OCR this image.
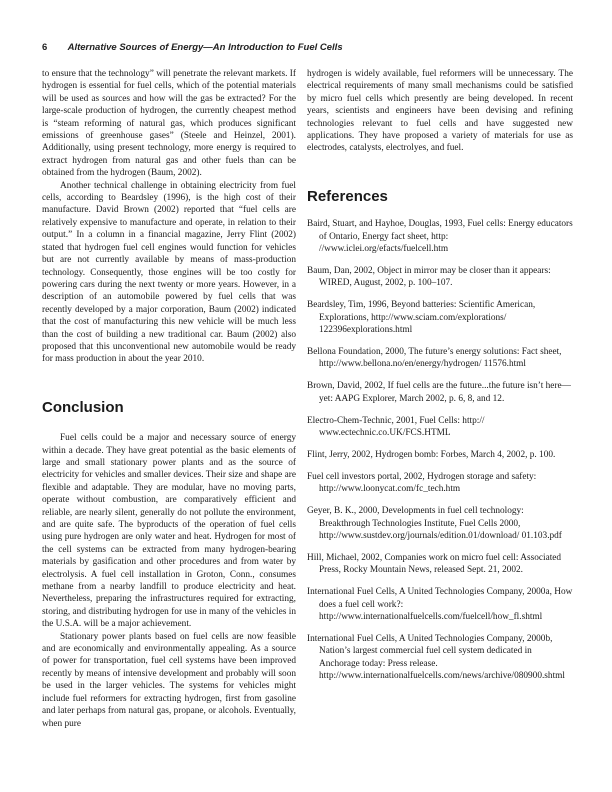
6 Alternative Sources of Energy—An Introduction to Fuel Cells

to ensure that the technology” will penetrate the relevant markets. If hydrogen is essential for fuel cells, which of the potential materials will be used as sources and how will the gas be extracted? For the large-scale production of hydrogen, the currently cheapest method is “steam reforming of natural gas, which produces significant emissions of greenhouse gases” (Steele and Heinzel, 2001). Additionally, using present technology, more energy is required to extract hydrogen from natural gas and other fuels than can be obtained from the hydrogen (Baum, 2002).

Another technical challenge in obtaining electricity from fuel cells, according to Beardsley (1996), is the high cost of their manufacture. David Brown (2002) reported that “fuel cells are relatively expensive to manufacture and operate, in relation to their output.” In a column in a financial magazine, Jerry Flint (2002) stated that hydrogen fuel cell engines would function for vehicles but are not currently available by means of mass-production technology. Consequently, those engines will be too costly for powering cars during the next twenty or more years. However, in a description of an automobile powered by fuel cells that was recently developed by a major corporation, Baum (2002) indicated that the cost of manufacturing this new vehicle will be much less than the cost of building a new traditional car. Baum (2002) also proposed that this unconventional new automobile would be ready for mass production in about the year 2010.

Conclusion

Fuel cells could be a major and necessary source of energy within a decade. They have great potential as the basic elements of large and small stationary power plants and as the source of electricity for vehicles and smaller devices. Their size and shape are flexible and adaptable. They are modular, have no moving parts, operate without combustion, are comparatively efficient and reliable, are nearly silent, generally do not pollute the environment, and are quite safe. The byproducts of the operation of fuel cells using pure hydrogen are only water and heat. Hydrogen for most of the cell systems can be extracted from many hydrogen-bearing materials by gasification and other procedures and from water by electrolysis. A fuel cell installation in Groton, Conn., consumes methane from a nearby landfill to produce electricity and heat. Nevertheless, preparing the infrastructures required for extracting, storing, and distributing hydrogen for use in many of the vehicles in the U.S.A. will be a major achievement.

Stationary power plants based on fuel cells are now feasible and are economically and environmentally appealing. As a source of power for transportation, fuel cell systems have been improved recently by means of intensive development and probably will soon be used in the larger vehicles. The systems for vehicles might include fuel reformers for extracting hydrogen, first from gasoline and later perhaps from natural gas, propane, or alcohols. Eventually, when pure

hydrogen is widely available, fuel reformers will be unnecessary. The electrical requirements of many small mechanisms could be satisfied by micro fuel cells which presently are being developed. In recent years, scientists and engineers have been devising and refining technologies relevant to fuel cells and have suggested new applications. They have proposed a variety of materials for use as electrodes, catalysts, electrolyes, and fuel.

References

Baird, Stuart, and Hayhoe, Douglas, 1993, Fuel cells: Energy educators of Ontario, Energy fact sheet, http: //www.iclei.org/efacts/fuelcell.htm

Baum, Dan, 2002, Object in mirror may be closer than it appears: WIRED, August, 2002, p. 100–107.

Beardsley, Tim, 1996, Beyond batteries: Scientific American, Explorations, http://www.sciam.com/explorations/ 122396explorations.html

Bellona Foundation, 2000, The future’s energy solutions: Fact sheet, http://www.bellona.no/en/energy/hydrogen/ 11576.html

Brown, David, 2002, If fuel cells are the future...the future isn’t here—yet: AAPG Explorer, March 2002, p. 6, 8, and 12.

Electro-Chem-Technic, 2001, Fuel Cells: http:// www.ectechnic.co.UK/FCS.HTML

Flint, Jerry, 2002, Hydrogen bomb: Forbes, March 4, 2002, p. 100.

Fuel cell investors portal, 2002, Hydrogen storage and safety: http://www.loonycat.com/fc_tech.htm

Geyer, B. K., 2000, Developments in fuel cell technology: Breakthrough Technologies Institute, Fuel Cells 2000, http://www.sustdev.org/journals/edition.01/download/ 01.103.pdf

Hill, Michael, 2002, Companies work on micro fuel cell: Associated Press, Rocky Mountain News, released Sept. 21, 2002.

International Fuel Cells, A United Technologies Company, 2000a, How does a fuel cell work?: http://www.internationalfuelcells.com/fuelcell/how_fl.shtml

International Fuel Cells, A United Technologies Company, 2000b, Nation’s largest commercial fuel cell system dedicated in Anchorage today: Press release. http://www.internationalfuelcells.com/news/archive/080900.shtml
